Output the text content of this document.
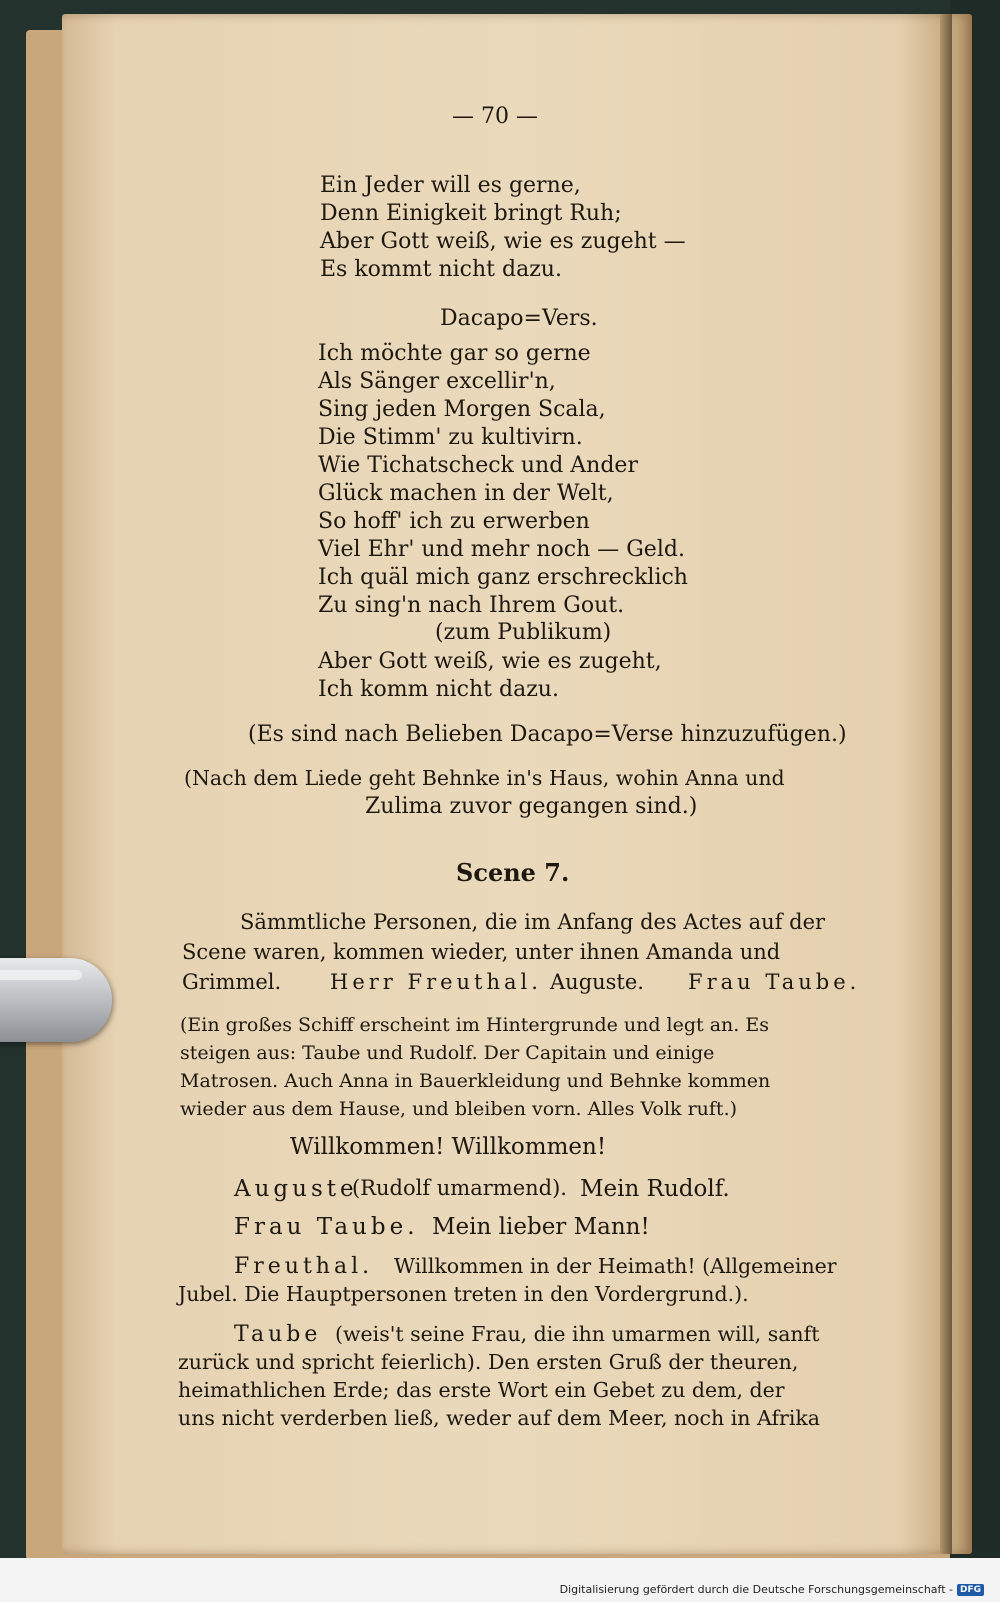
— 70 —
Ein Jeder will es gerne,
Denn Einigkeit bringt Ruh;
Aber Gott weiß, wie es zugeht —
Es kommt nicht dazu.
Dacapo=Vers.
Ich möchte gar so gerne
Als Sänger excellir'n,
Sing jeden Morgen Scala,
Die Stimm' zu kultivirn.
Wie Tichatscheck und Ander
Glück machen in der Welt,
So hoff' ich zu erwerben
Viel Ehr' und mehr noch — Geld.
Ich quäl mich ganz erschrecklich
Zu sing'n nach Ihrem Gout.
(zum Publikum)
Aber Gott weiß, wie es zugeht,
Ich komm nicht dazu.
(Es sind nach Belieben Dacapo=Verse hinzuzufügen.)
(Nach dem Liede geht Behnke in's Haus, wohin Anna und
Zulima zuvor gegangen sind.)
Scene 7.
Sämmtliche Personen, die im Anfang des Actes auf der
Scene waren, kommen wieder, unter ihnen Amanda und
Grimmel. Herr Freuthal. Auguste. Frau Taube.
(Ein großes Schiff erscheint im Hintergrunde und legt an. Es
steigen aus: Taube und Rudolf. Der Capitain und einige
Matrosen. Auch Anna in Bauerkleidung und Behnke kommen
wieder aus dem Hause, und bleiben vorn. Alles Volk ruft.)
Willkommen! Willkommen!
Auguste
(Rudolf umarmend). Mein Rudolf.
Frau Taube. Mein lieber Mann!
Freuthal. Willkommen in der Heimath! (Allgemeiner
Jubel. Die Hauptpersonen treten in den Vordergrund.).
Taube (weis't seine Frau, die ihn umarmen will, sanft
zurück und spricht feierlich). Den ersten Gruß der theuren,
heimathlichen Erde; das erste Wort ein Gebet zu dem, der
uns nicht verderben ließ, weder auf dem Meer, noch in Afrika
Digitalisierung gefördert durch die Deutsche Forschungsgemeinschaft - DFG
